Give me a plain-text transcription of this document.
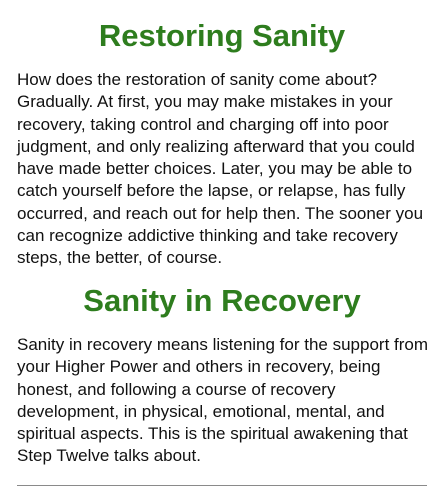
Restoring Sanity

How does the restoration of sanity come about? Gradually. At first, you may make mistakes in your recovery, taking control and charging off into poor judgment, and only realizing afterward that you could have made better choices. Later, you may be able to catch yourself before the lapse, or relapse, has fully occurred, and reach out for help then. The sooner you can recognize addictive thinking and take recovery steps, the better, of course.

Sanity in Recovery

Sanity in recovery means listening for the support from your Higher Power and others in recovery, being honest, and following a course of recovery development, in physical, emotional, mental, and spiritual aspects. This is the spiritual awakening that Step Twelve talks about.
